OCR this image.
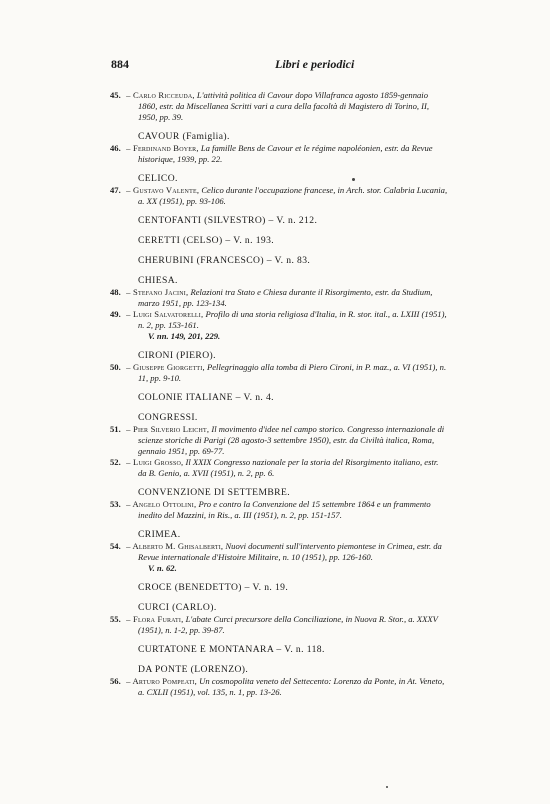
884	Libri e periodici
45. – Carlo Ricceuda, L'attività politica di Cavour dopo Villafranca agosto 1859-gennaio 1860, estr. da Miscellanea Scritti vari a cura della facoltà di Magistero di Torino, II, 1950, pp. 39.
CAVOUR (Famiglia).
46. – Ferdinand Boyer, La famille Bens de Cavour et le régime napoléonien, estr. da Revue historique, 1939, pp. 22.
CELICO.
47. – Gustavo Valente, Celico durante l'occupazione francese, in Arch. stor. Calabria Lucania, a. XX (1951), pp. 93-106.
CENTOFANTI (SILVESTRO) – V. n. 212.
CERETTI (CELSO) – V. n. 193.
CHERUBINI (FRANCESCO) – V. n. 83.
CHIESA.
48. – Stefano Jacini, Relazioni tra Stato e Chiesa durante il Risorgimento, estr. da Studium, marzo 1951, pp. 123-134.
49. – Luigi Salvatorelli, Profilo di una storia religiosa d'Italia, in R. stor. ital., a. LXIII (1951), n. 2, pp. 153-161.
V. nn. 149, 201, 229.
CIRONI (PIERO).
50. – Giuseppe Giorgetti, Pellegrinaggio alla tomba di Piero Cironi, in P. maz., a. VI (1951), n. 11, pp. 9-10.
COLONIE ITALIANE – V. n. 4.
CONGRESSI.
51. – Pier Silverio Leicht, Il movimento d'idee nel campo storico. Congresso internazionale di scienze storiche di Parigi (28 agosto-3 settembre 1950), estr. da Civiltà italica, Roma, gennaio 1951, pp. 69-77.
52. – Luigi Grosso, Il XXIX Congresso nazionale per la storia del Risorgimento italiano, estr. da B. Genio, a. XVII (1951), n. 2, pp. 6.
CONVENZIONE DI SETTEMBRE.
53. – Angelo Ottolini, Pro e contro la Convenzione del 15 settembre 1864 e un frammento inedito del Mazzini, in Ris., a. III (1951), n. 2, pp. 151-157.
CRIMEA.
54. – Alberto M. Ghisalberti, Nuovi documenti sull'intervento piemontese in Crimea, estr. da Revue internationale d'Histoire Militaire, n. 10 (1951), pp. 126-160.
V. n. 62.
CROCE (BENEDETTO) – V. n. 19.
CURCI (CARLO).
55. – Flora Furati, L'abate Curci precursore della Conciliazione, in Nuova R. Stor., a. XXXV (1951), n. 1-2, pp. 39-87.
CURTATONE E MONTANARA – V. n. 118.
DA PONTE (LORENZO).
56. – Arturo Pompeati, Un cosmopolita veneto del Settecento: Lorenzo da Ponte, in At. Veneto, a. CXLII (1951), vol. 135, n. 1, pp. 13-26.
